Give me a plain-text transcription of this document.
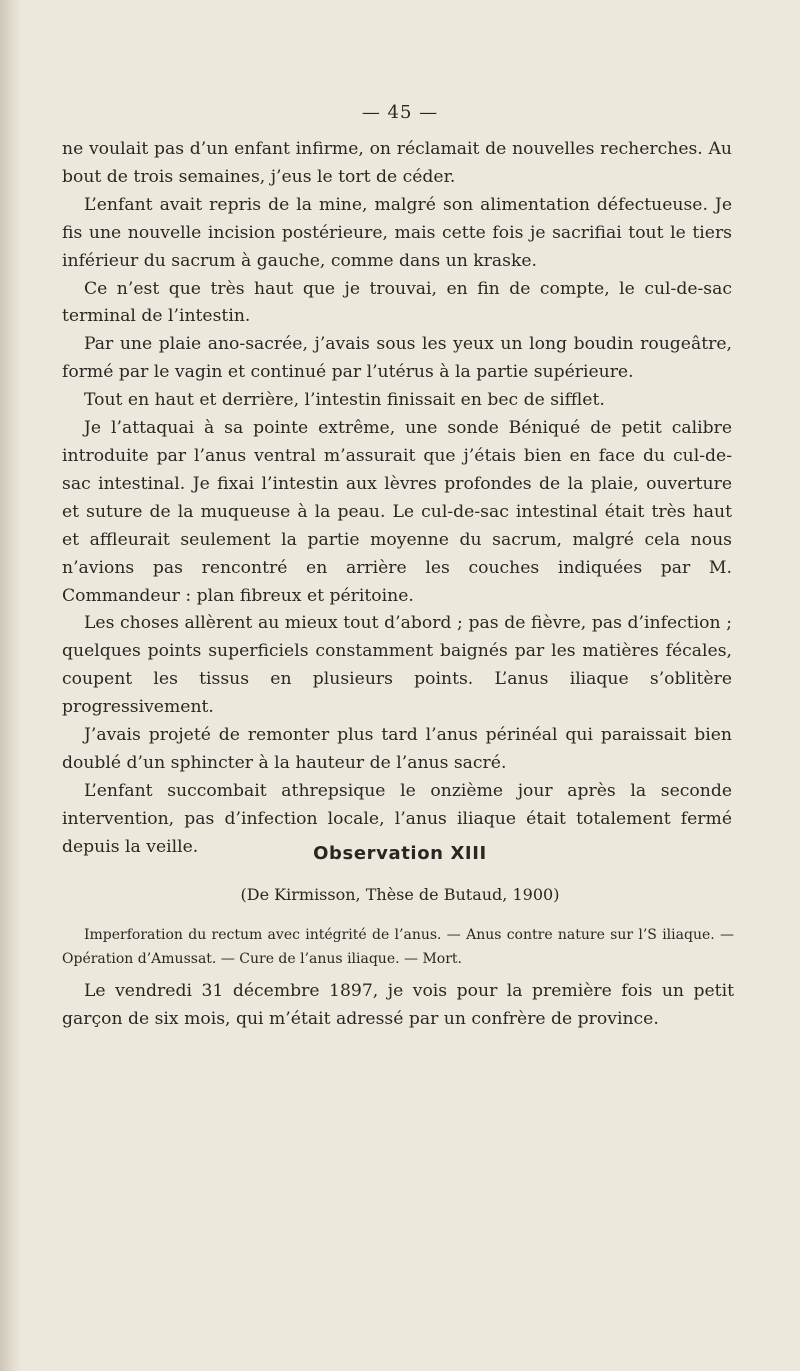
— 45 —

ne voulait pas d’un enfant infirme, on réclamait de nouvelles recherches. Au bout de trois semaines, j’eus le tort de céder.

L’enfant avait repris de la mine, malgré son alimentation défectueuse. Je fis une nouvelle incision postérieure, mais cette fois je sacrifiai tout le tiers inférieur du sacrum à gauche, comme dans un kraske.

Ce n’est que très haut que je trouvai, en fin de compte, le cul-de-sac terminal de l’intestin.

Par une plaie ano-sacrée, j’avais sous les yeux un long boudin rougeâtre, formé par le vagin et continué par l’utérus à la partie supérieure.

Tout en haut et derrière, l’intestin finissait en bec de sifflet.

Je l’attaquai à sa pointe extrême, une sonde Béniqué de petit calibre introduite par l’anus ventral m’assurait que j’étais bien en face du cul-de-sac intestinal. Je fixai l’intestin aux lèvres profondes de la plaie, ouverture et suture de la muqueuse à la peau. Le cul-de-sac intestinal était très haut et affleurait seulement la partie moyenne du sacrum, malgré cela nous n’avions pas rencontré en arrière les couches indiquées par M. Commandeur : plan fibreux et péritoine.

Les choses allèrent au mieux tout d’abord ; pas de fièvre, pas d’infection ; quelques points superficiels constamment baignés par les matières fécales, coupent les tissus en plusieurs points. L’anus iliaque s’oblitère progressivement.

J’avais projeté de remonter plus tard l’anus périnéal qui paraissait bien doublé d’un sphincter à la hauteur de l’anus sacré.

L’enfant succombait athrepsique le onzième jour après la seconde intervention, pas d’infection locale, l’anus iliaque était totalement fermé depuis la veille.	Observation XIII
(De Kirmisson, Thèse de Butaud, 1900)
Imperforation du rectum avec intégrité de l’anus. — Anus contre nature sur l’S iliaque. — Opération d’Amussat. — Cure de l’anus iliaque. — Mort.

Le vendredi 31 décembre 1897, je vois pour la première fois un petit garçon de six mois, qui m’était adressé par un confrère de province.
